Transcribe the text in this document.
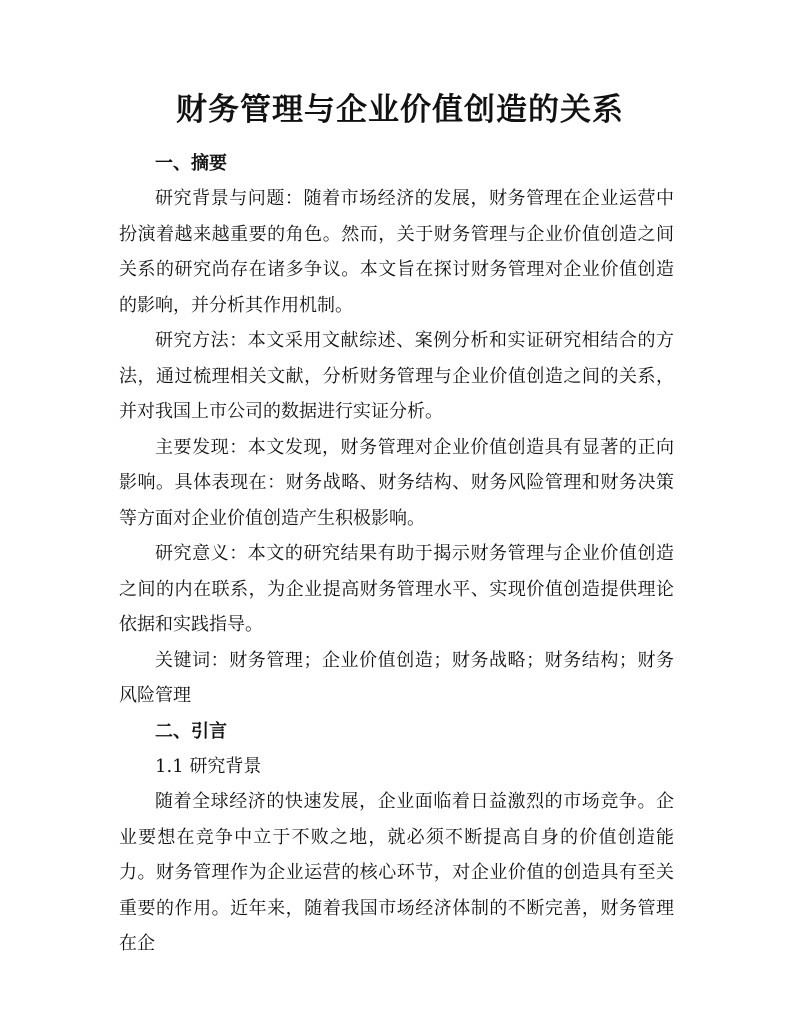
财务管理与企业价值创造的关系
一、摘要

研究背景与问题：随着市场经济的发展，财务管理在企业运营中扮演着越来越重要的角色。然而，关于财务管理与企业价值创造之间关系的研究尚存在诸多争议。本文旨在探讨财务管理对企业价值创造的影响，并分析其作用机制。

研究方法：本文采用文献综述、案例分析和实证研究相结合的方法，通过梳理相关文献，分析财务管理与企业价值创造之间的关系，并对我国上市公司的数据进行实证分析。

主要发现：本文发现，财务管理对企业价值创造具有显著的正向影响。具体表现在：财务战略、财务结构、财务风险管理和财务决策等方面对企业价值创造产生积极影响。

研究意义：本文的研究结果有助于揭示财务管理与企业价值创造之间的内在联系，为企业提高财务管理水平、实现价值创造提供理论依据和实践指导。

关键词：财务管理；企业价值创造；财务战略；财务结构；财务风险管理

二、引言

1.1 研究背景

随着全球经济的快速发展，企业面临着日益激烈的市场竞争。企业要想在竞争中立于不败之地，就必须不断提高自身的价值创造能力。财务管理作为企业运营的核心环节，对企业价值的创造具有至关重要的作用。近年来，随着我国市场经济体制的不断完善，财务管理在企
